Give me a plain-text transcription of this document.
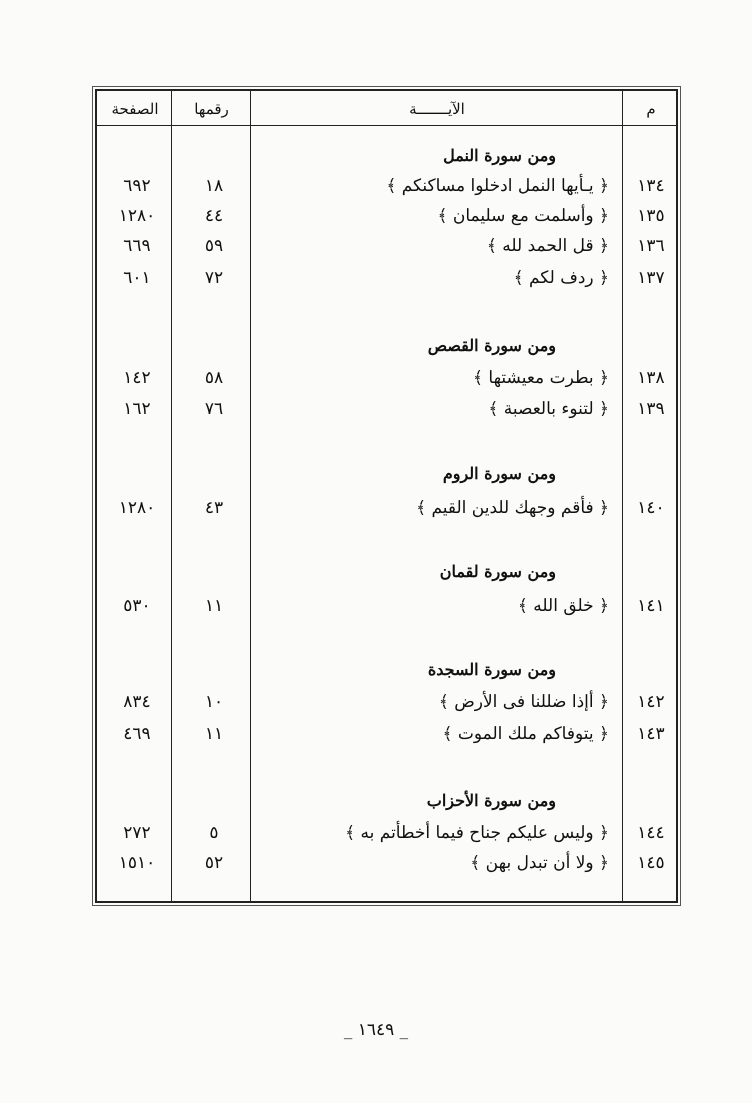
م
الآيـــــــة
رقمها
الصفحة
ومن سورة النمل
١٣٤
﴿ يـأيها النمل ادخلوا مساكنكم ﴾
١٨
٦٩٢
١٣٥
﴿ وأسلمت مع سليمان ﴾
٤٤
١٢٨٠
١٣٦
﴿ قل الحمد لله ﴾
٥٩
٦٦٩
١٣٧
﴿ ردف لكم ﴾
٧٢
٦٠١
ومن سورة القصص
١٣٨
﴿ بطرت معيشتها ﴾
٥٨
١٤٢
١٣٩
﴿ لتنوء بالعصبة ﴾
٧٦
١٦٢
ومن سورة الروم
١٤٠
﴿ فأقم وجهك للدين القيم ﴾
٤٣
١٢٨٠
ومن سورة لقمان
١٤١
﴿ خلق الله ﴾
١١
٥٣٠
ومن سورة السجدة
١٤٢
﴿ أإذا ضللنا فى الأرض ﴾
١٠
٨٣٤
١٤٣
﴿ يتوفاكم ملك الموت ﴾
١١
٤٦٩
ومن سورة الأحزاب
١٤٤
﴿ وليس عليكم جناح فيما أخطأتم به ﴾
٥
٢٧٢
١٤٥
﴿ ولا أن تبدل بهن ﴾
٥٢
١٥١٠
_ ١٦٤٩ _
